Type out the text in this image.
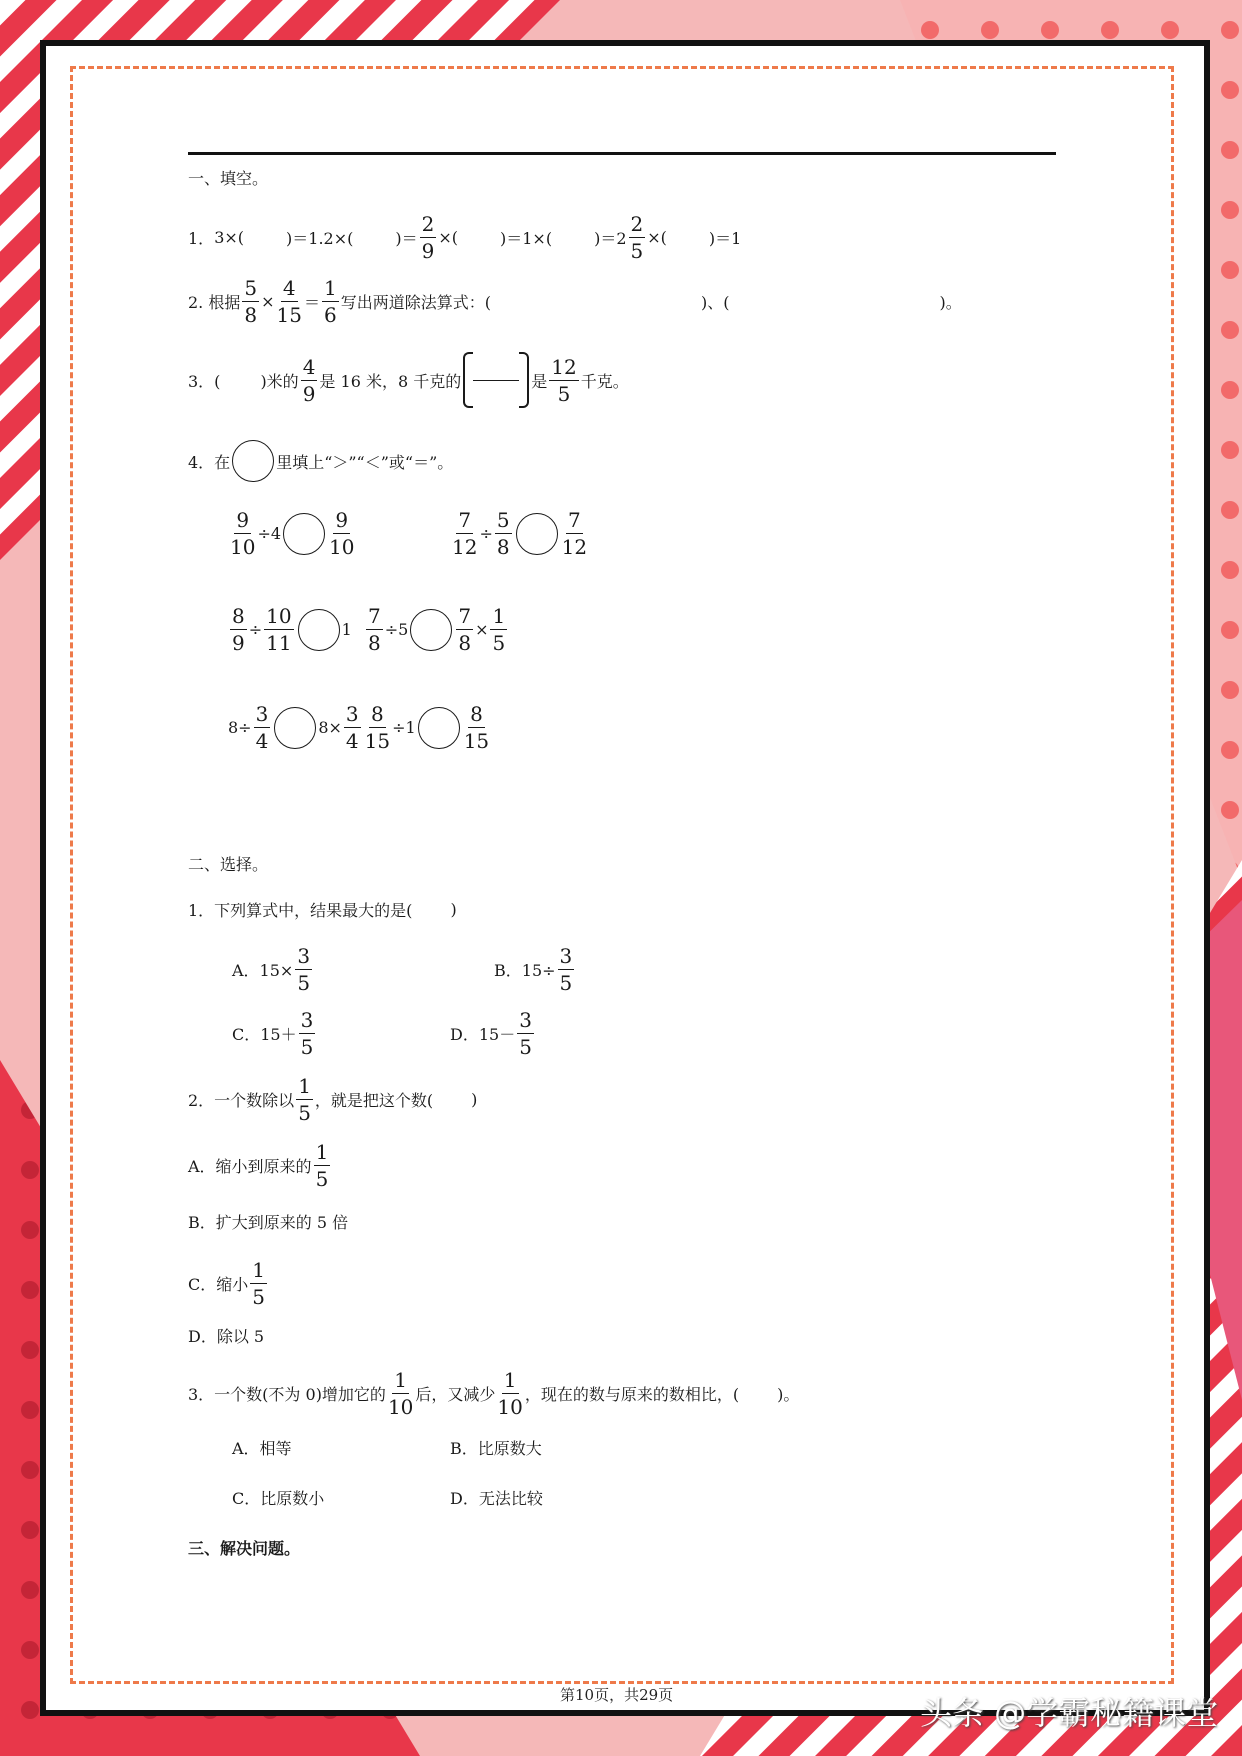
一、填空。
1． 3×(	)＝1.2×(	)＝ $\frac{2}{9}$ ×(	)＝1×(	)$=2 \frac{2}{5}$ ×(	)＝1
2. 根据 $\frac{5}{8} \times \frac{4}{15} = \frac{1}{6}$ 写出两道除法算式：(	)、(	)。
3．(	)米的 $\frac{4}{9}$ 是 16 米，8 千克的	是 $\frac{12}{5}$ 千克。
4．在	里填上“＞”“＜”或“＝”。
$\frac{9}{10} \div 4 \frac{9}{10}$	$\frac{7}{12} \div \frac{5}{8}$	$\frac{7}{12}$
$\frac{8}{9} \div \frac{10}{11}$	$1 \frac{7}{8} \div 5 \frac{7}{8} \times \frac{1}{5}$
$8\div \frac{3}{4}$	$8\times \frac{3}{4} \frac{8}{15} \div 1 \frac{8}{15}$
二、选择。
1．下列算式中，结果最大的是( )
A．$15\times \frac{3}{5}$	B．$15\div \frac{3}{5}$
C．$15+ \frac{3}{5}$	D．$15- \frac{3}{5}$
2．一个数除以 $\frac{1}{5}$ ，就是把这个数( )
A．缩小到原来的 $\frac{1}{5}$
B．扩大到原来的 5 倍
C．缩小 $\frac{1}{5}$
D．除以 5
3．一个数(不为 0)增加它的 $\frac{1}{10}$ 后，又减少 $\frac{1}{10}$ ，现在的数与原来的数相比，( )。
A．相等	B．比原数大
C．比原数小	D．无法比较
三、解决问题。
第10页，共29页	头条 @学霸秘籍课堂
